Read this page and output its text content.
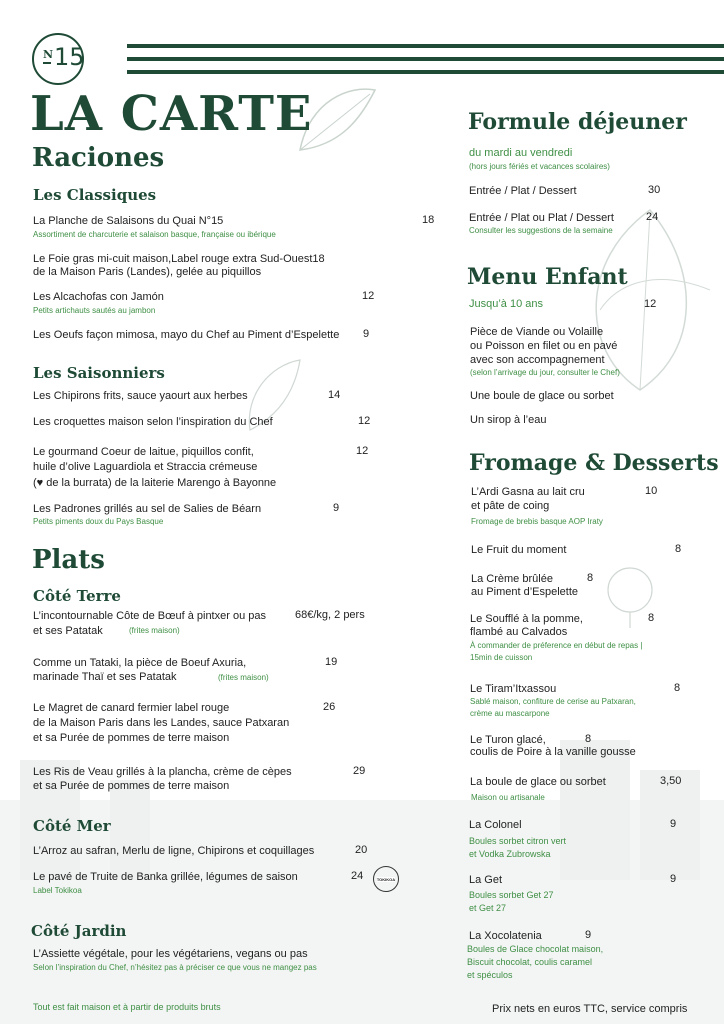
N 15
LA CARTE
Raciones
Les Classiques
La Planche de Salaisons du Quai N°15	18
Assortiment de charcuterie et salaison basque, française ou ibérique
Le Foie gras mi-cuit maison,Label rouge extra Sud-Ouest18
de la Maison Paris (Landes), gelée au piquillos
Les Alcachofas con Jamón	12
Petits artichauts sautés au jambon
Les Oeufs façon mimosa, mayo du Chef au Piment d’Espelette 9
Les Saisonniers
Les Chipirons frits, sauce yaourt aux herbes	14
Les croquettes maison selon l’inspiration du Chef	12
Le gourmand Coeur de laitue, piquillos confit,	12
huile d’olive Laguardiola et Straccia crémeuse
(♥ de la burrata) de la laiterie Marengo à Bayonne
Les Padrones grillés au sel de Salies de Béarn	9
Petits piments doux du Pays Basque
Plats
Côté Terre
L’incontournable Côte de Bœuf à pintxer ou pas	68€/kg, 2 pers
et ses Patatak	(frites maison)
Comme un Tataki, la pièce de Boeuf Axuria,	19
marinade Thaï et ses Patatak	(frites maison)
Le Magret de canard fermier label rouge	26
de la Maison Paris dans les Landes, sauce Patxaran
et sa Purée de pommes de terre maison
Les Ris de Veau grillés à la plancha, crème de cèpes	29
et sa Purée de pommes de terre maison
Côté Mer
L’Arroz au safran, Merlu de ligne, Chipirons et coquillages	20
Le pavé de Truite de Banka grillée, légumes de saison	24
Label Tokikoa
TOKIKOA
Côté Jardin
L’Assiette végétale, pour les végétariens, vegans ou pas
Selon l’inspiration du Chef, n’hésitez pas à préciser ce que vous ne mangez pas
Tout est fait maison et à partir de produits bruts
Formule déjeuner
du mardi au vendredi
(hors jours fériés et vacances scolaires)
Entrée / Plat / Dessert	30
Entrée / Plat ou Plat / Dessert	24
Consulter les suggestions de la semaine
Menu Enfant
Jusqu’à 10 ans	12
Pièce de Viande ou Volaille
ou Poisson en filet ou en pavé
avec son accompagnement
(selon l’arrivage du jour, consulter le Chef)
Une boule de glace ou sorbet
Un sirop à l’eau
Fromage & Desserts
L’Ardi Gasna au lait cru	10
et pâte de coing
Fromage de brebis basque AOP Iraty
Le Fruit du moment	8
La Crème brûlée	8
au Piment d’Espelette
Le Soufflé à la pomme,	8
flambé au Calvados
À commander de préference en début de repas |
15min de cuisson
Le Tiram’Itxassou	8
Sablé maison, confiture de cerise au Patxaran,
crème au mascarpone
Le Turon glacé,	8
coulis de Poire à la vanille gousse
La boule de glace ou sorbet	3,50
Maison ou artisanale
La Colonel	9
Boules sorbet citron vert
et Vodka Zubrowska
La Get	9
Boules sorbet Get 27
et Get 27
La Xocolatenia	9
Boules de Glace chocolat maison,
Biscuit chocolat, coulis caramel
et spéculos
Prix nets en euros TTC, service compris
